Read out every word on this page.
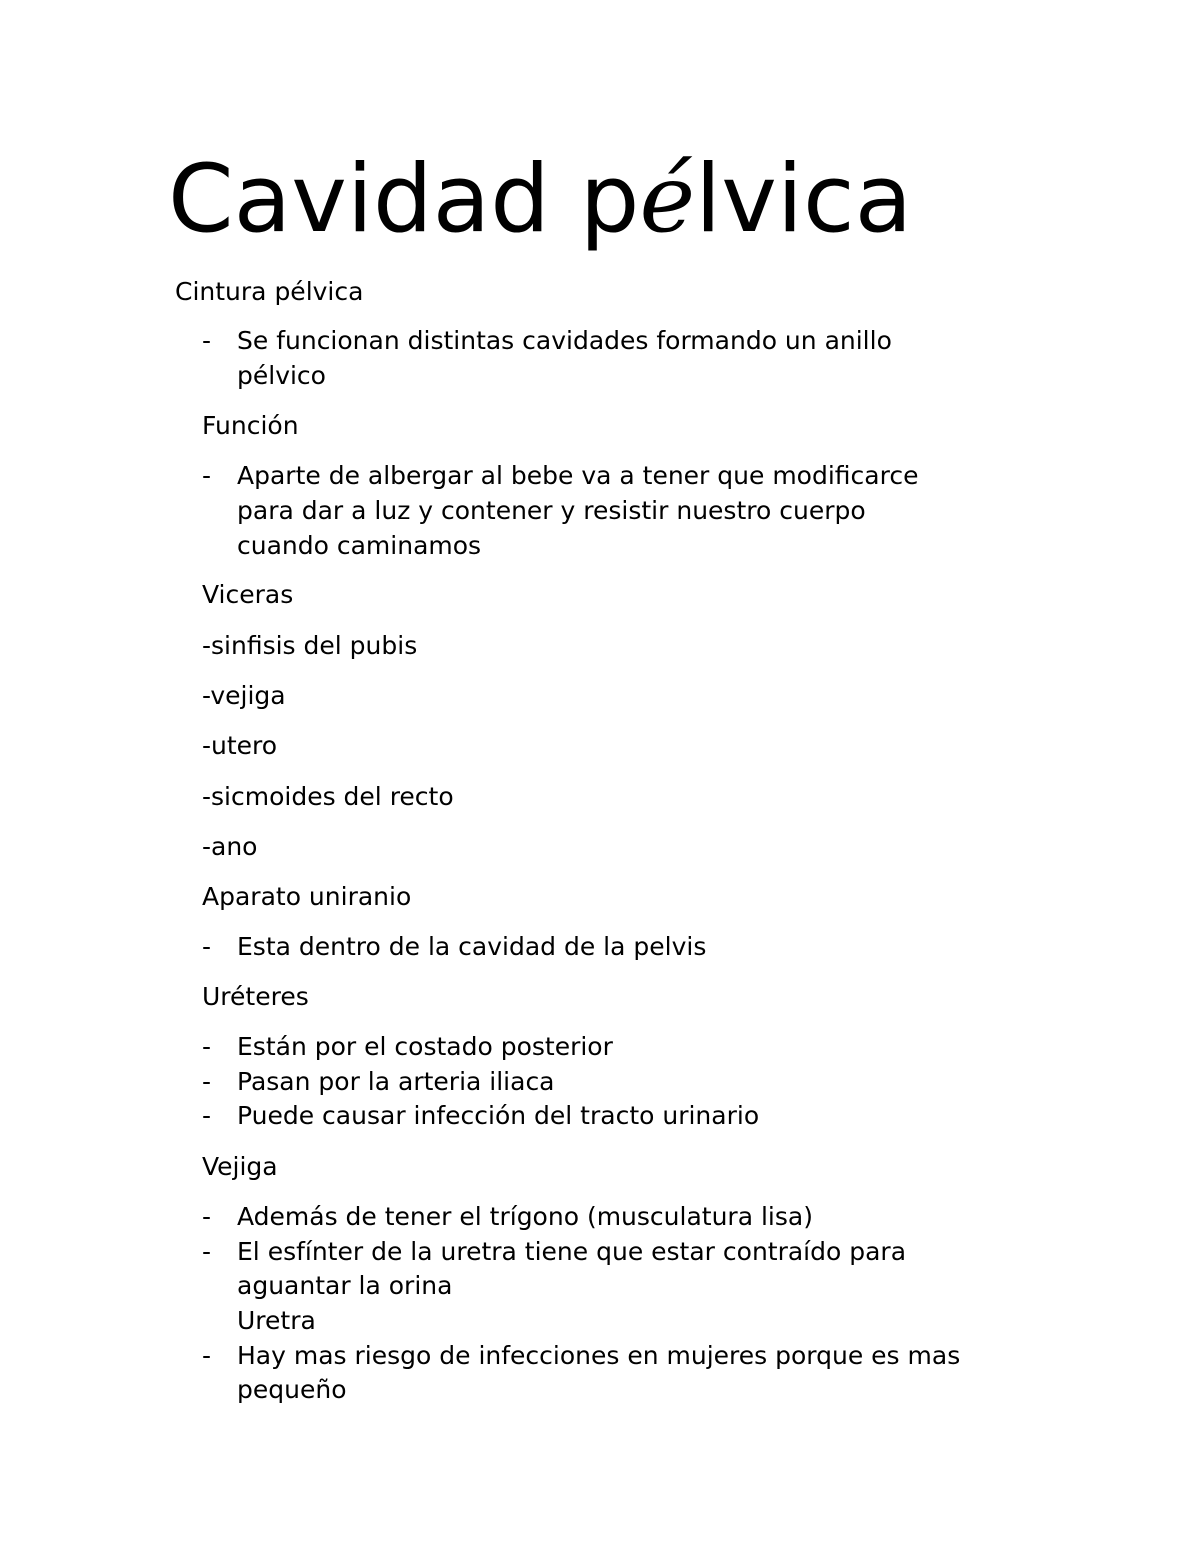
Cavidad pélvica
Cintura pélvica
- Se funcionan distintas cavidades formando un anillo
pélvico
Función
- Aparte de albergar al bebe va a tener que modificarce
para dar a luz y contener y resistir nuestro cuerpo
cuando caminamos
Viceras
-sinfisis del pubis
-vejiga
-utero
-sicmoides del recto
-ano
Aparato uniranio
- Esta dentro de la cavidad de la pelvis
Uréteres
- Están por el costado posterior
- Pasan por la arteria iliaca
- Puede causar infección del tracto urinario
Vejiga
- Además de tener el trígono (musculatura lisa)
- El esfínter de la uretra tiene que estar contraído para
aguantar la orina
Uretra
- Hay mas riesgo de infecciones en mujeres porque es mas
pequeño
